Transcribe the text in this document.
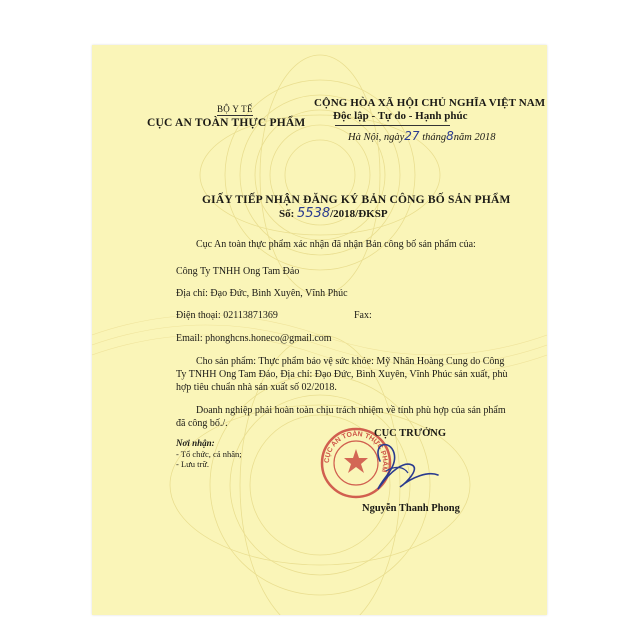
BỘ Y TẾ
CỤC AN TOÀN THỰC PHẨM
CỘNG HÒA XÃ HỘI CHỦ NGHĨA VIỆT NAM
Độc lập - Tự do - Hạnh phúc
Hà Nội, ngày27 tháng8năm 2018
GIẤY TIẾP NHẬN ĐĂNG KÝ BẢN CÔNG BỐ SẢN PHẨM
Số: 5538/2018/ĐKSP
Cục An toàn thực phẩm xác nhận đã nhận Bản công bố sản phẩm của:
Công Ty TNHH Ong Tam Đảo
Địa chỉ: Đạo Đức, Bình Xuyên, Vĩnh Phúc
Điện thoại: 02113871369	Fax:
Email: phonghcns.honeco@gmail.com
Cho sản phẩm: Thực phẩm bảo vệ sức khỏe: Mỹ Nhân Hoàng Cung do Công
Ty TNHH Ong Tam Đảo, Địa chỉ: Đạo Đức, Bình Xuyên, Vĩnh Phúc sản xuất, phù
hợp tiêu chuẩn nhà sản xuất số 02/2018.
Doanh nghiệp phải hoàn toàn chịu trách nhiệm về tính phù hợp của sản phẩm
đã công bố./.
Nơi nhận:
- Tổ chức, cá nhân;
- Lưu trữ.	CỤC AN TOÀN THỰC PHẨM
CỤC TRƯỞNG
Nguyễn Thanh Phong
